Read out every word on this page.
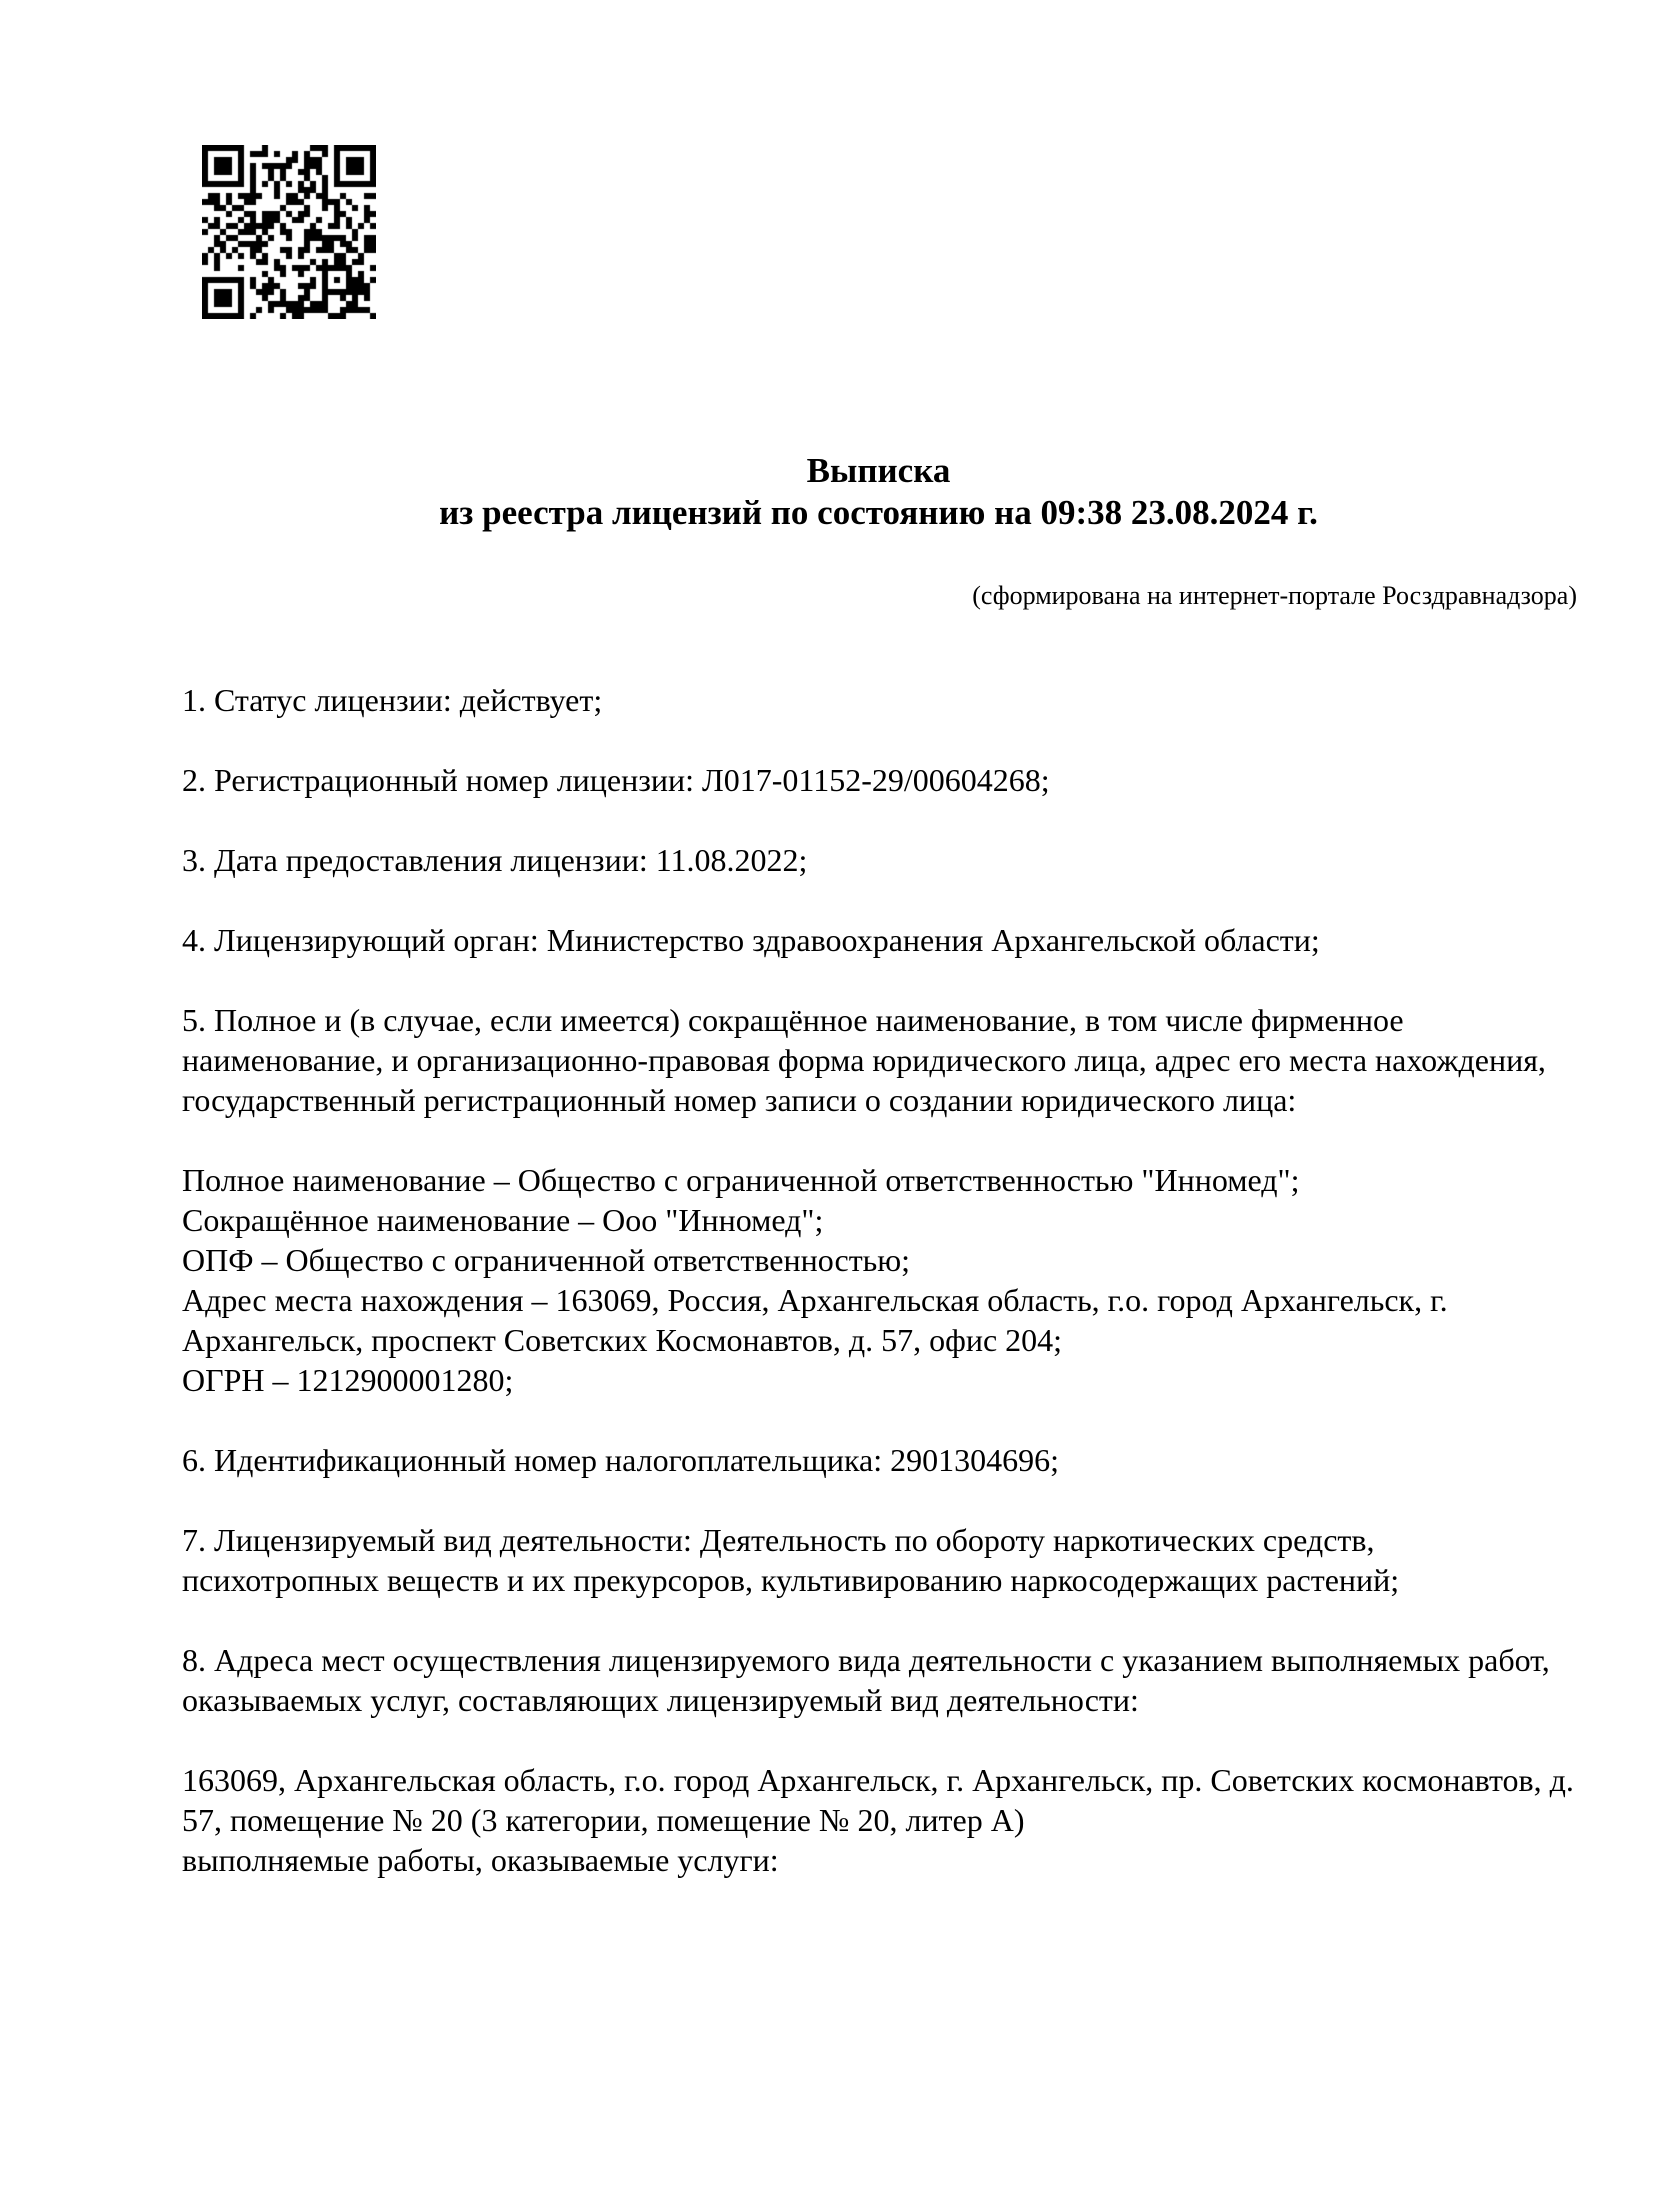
Выписка
из реестра лицензий по состоянию на 09:38 23.08.2024 г.
(сформирована на интернет-портале Росздравнадзора)

1. Статус лицензии: действует;

2. Регистрационный номер лицензии: Л017-01152-29/00604268;

3. Дата предоставления лицензии: 11.08.2022;

4. Лицензирующий орган: Министерство здравоохранения Архангельской области;

5. Полное и (в случае, если имеется) сокращённое наименование, в том числе фирменное наименование, и организационно-правовая форма юридического лица, адрес его места нахождения, государственный регистрационный номер записи о создании юридического лица:

Полное наименование – Общество с ограниченной ответственностью "Инномед";
Сокращённое наименование – Ооо "Инномед";
ОПФ – Общество с ограниченной ответственностью;
Адрес места нахождения – 163069, Россия, Архангельская область, г.о. город Архангельск, г. Архангельск, проспект Советских Космонавтов, д. 57, офис 204;
ОГРН – 1212900001280;

6. Идентификационный номер налогоплательщика: 2901304696;

7. Лицензируемый вид деятельности: Деятельность по обороту наркотических средств, психотропных веществ и их прекурсоров, культивированию наркосодержащих растений;

8. Адреса мест осуществления лицензируемого вида деятельности с указанием выполняемых работ, оказываемых услуг, составляющих лицензируемый вид деятельности:

163069, Архангельская область, г.о. город Архангельск, г. Архангельск, пр. Советских космонавтов, д. 57, помещение № 20 (3 категории, помещение № 20, литер А)
выполняемые работы, оказываемые услуги:
